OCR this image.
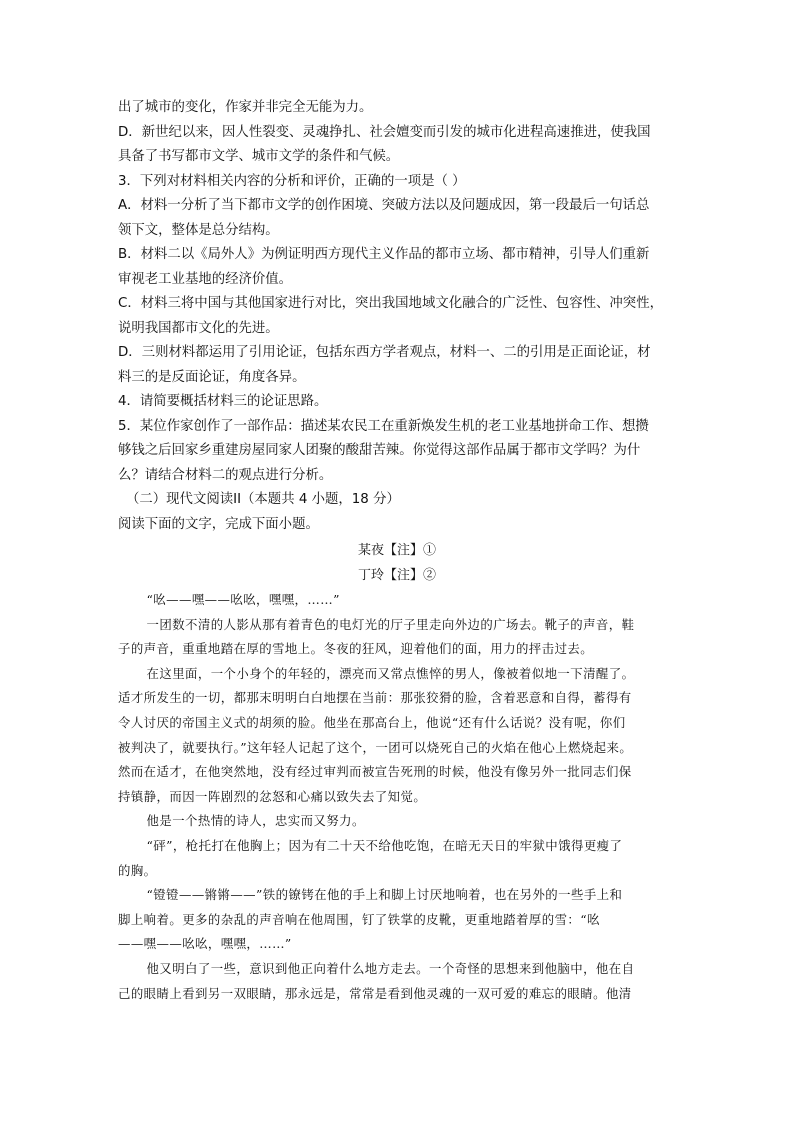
出了城市的变化，作家并非完全无能为力。
D．新世纪以来，因人性裂变、灵魂挣扎、社会嬗变而引发的城市化进程高速推进，使我国
具备了书写都市文学、城市文学的条件和气候。
3．下列对材料相关内容的分析和评价，正确的一项是（ ）
A．材料一分析了当下都市文学的创作困境、突破方法以及问题成因，第一段最后一句话总
领下文，整体是总分结构。
B．材料二以《局外人》为例证明西方现代主义作品的都市立场、都市精神，引导人们重新
审视老工业基地的经济价值。
C．材料三将中国与其他国家进行对比，突出我国地域文化融合的广泛性、包容性、冲突性，
说明我国都市文化的先进。
D．三则材料都运用了引用论证，包括东西方学者观点，材料一、二的引用是正面论证，材
料三的是反面论证，角度各异。
4．请简要概括材料三的论证思路。
5．某位作家创作了一部作品：描述某农民工在重新焕发生机的老工业基地拼命工作、想攒
够钱之后回家乡重建房屋同家人团聚的酸甜苦辣。你觉得这部作品属于都市文学吗？为什
么？请结合材料二的观点进行分析。
（二）现代文阅读II（本题共 4 小题，18 分）
阅读下面的文字，完成下面小题。
某夜【注】①
丁玲【注】②
“吆——嘿——吆吆，嘿嘿，……”
一团数不清的人影从那有着青色的电灯光的厅子里走向外边的广场去。靴子的声音，鞋
子的声音，重重地踏在厚的雪地上。冬夜的狂风，迎着他们的面，用力的抨击过去。
在这里面，一个小身个的年轻的，漂亮而又常点憔悴的男人，像被着似地一下清醒了。
适才所发生的一切，都那末明明白白地摆在当前：那张狡猾的脸，含着恶意和自得，蓄得有
令人讨厌的帝国主义式的胡须的脸。他坐在那高台上，他说“还有什么话说？没有呢，你们
被判决了，就要执行。”这年轻人记起了这个，一团可以烧死自己的火焰在他心上燃烧起来。
然而在适才，在他突然地，没有经过审判而被宣告死刑的时候，他没有像另外一批同志们保
持镇静，而因一阵剧烈的忿怒和心痛以致失去了知觉。
他是一个热情的诗人，忠实而又努力。
“砰”，枪托打在他胸上；因为有二十天不给他吃饱，在暗无天日的牢狱中饿得更瘦了
的胸。
“镫镫——锵锵——”铁的镣铐在他的手上和脚上讨厌地响着，也在另外的一些手上和
脚上响着。更多的杂乱的声音响在他周围，钉了铁掌的皮靴，更重地踏着厚的雪：“吆
——嘿——吆吆，嘿嘿，……”
他又明白了一些，意识到他正向着什么地方走去。一个奇怪的思想来到他脑中，他在自
己的眼睛上看到另一双眼睛，那永远是，常常是看到他灵魂的一双可爱的难忘的眼睛。他清
